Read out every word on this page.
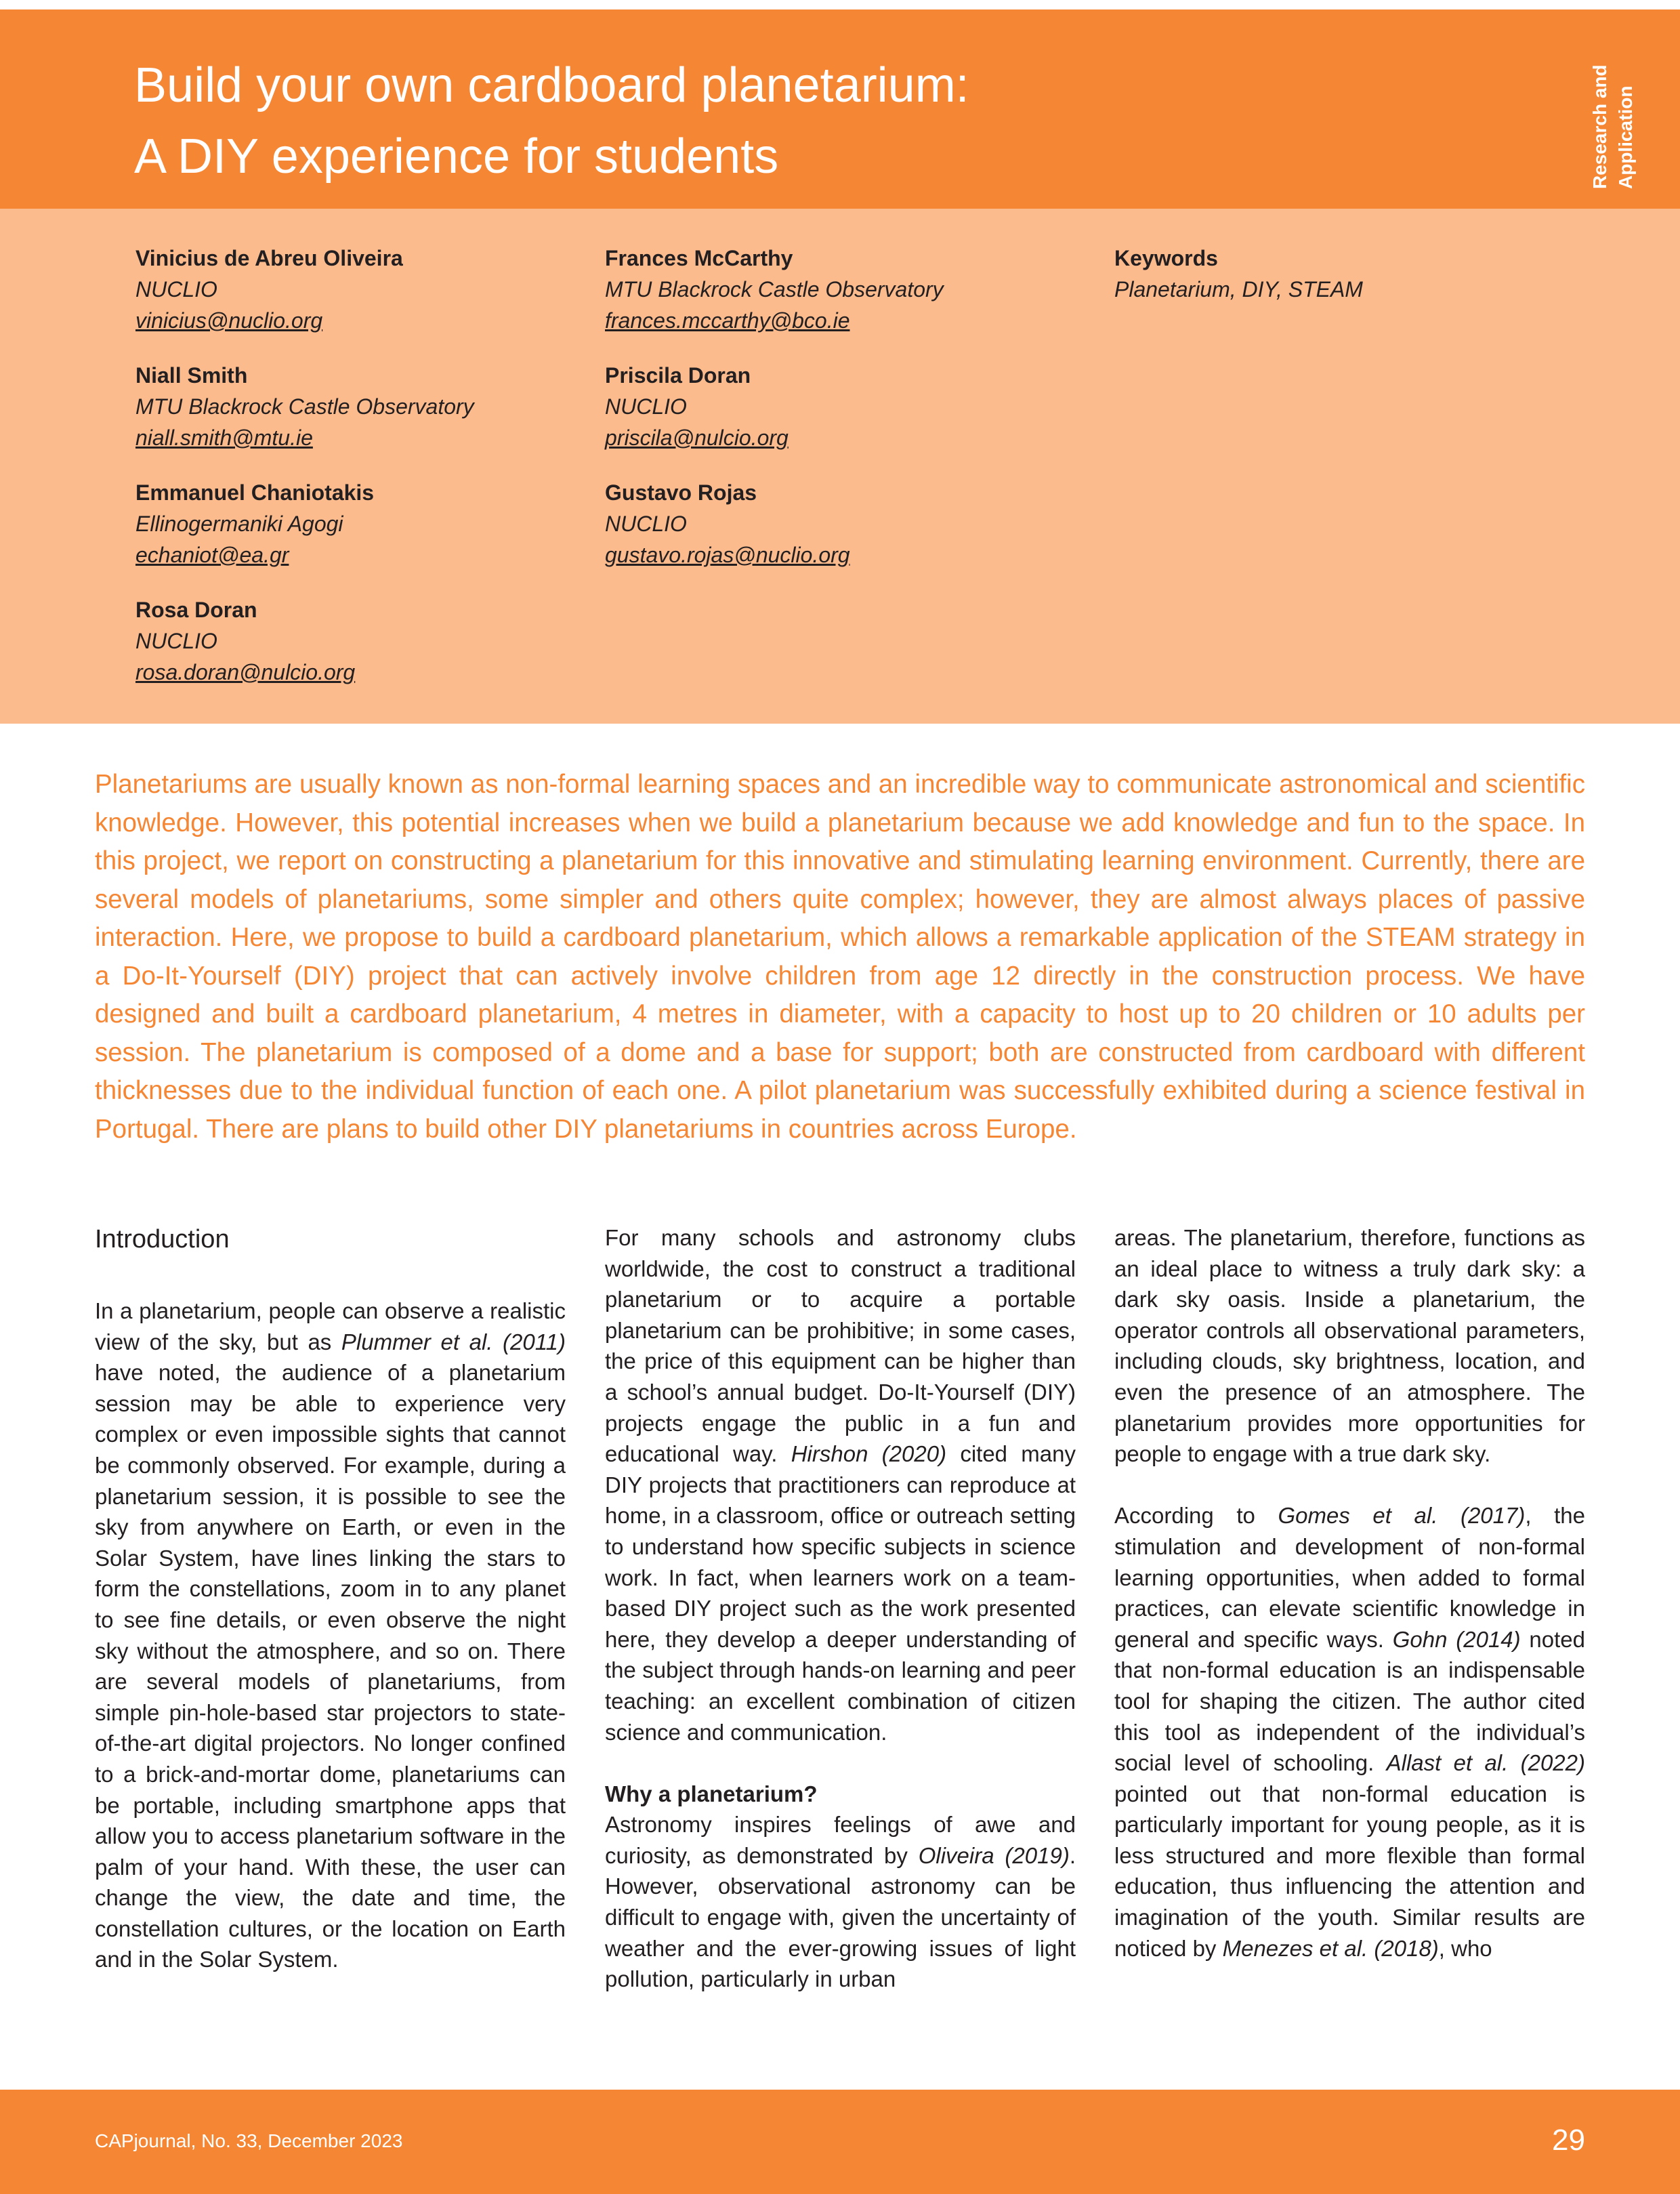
Build your own cardboard planetarium:
A DIY experience for students	Research and Application
Vinicius de Abreu Oliveira
NUCLIO
vinicius@nuclio.org
Niall Smith
MTU Blackrock Castle Observatory
niall.smith@mtu.ie
Emmanuel Chaniotakis
Ellinogermaniki Agogi
echaniot@ea.gr
Rosa Doran
NUCLIO
rosa.doran@nulcio.org
Frances McCarthy
MTU Blackrock Castle Observatory
frances.mccarthy@bco.ie
Priscila Doran
NUCLIO
priscila@nulcio.org
Gustavo Rojas
NUCLIO
gustavo.rojas@nuclio.org
Keywords
Planetarium, DIY, STEAM

Planetariums are usually known as non-formal learning spaces and an incredible way to communicate astronomical and scientific knowledge. However, this potential increases when we build a planetarium because we add knowledge and fun to the space. In this project, we report on constructing a planetarium for this innovative and stimulating learning environment. Currently, there are several models of planetariums, some simpler and others quite complex; however, they are almost always places of passive interaction. Here, we propose to build a cardboard planetarium, which allows a remarkable application of the STEAM strategy in a Do-It-Yourself (DIY) project that can actively involve children from age 12 directly in the construction process. We have designed and built a cardboard planetarium, 4 metres in diameter, with a capacity to host up to 20 children or 10 adults per session. The planetarium is composed of a dome and a base for support; both are constructed from cardboard with different thicknesses due to the individual function of each one. A pilot planetarium was successfully exhibited during a science festival in Portugal. There are plans to build other DIY planetariums in countries across Europe.

Introduction

In a planetarium, people can observe a realistic view of the sky, but as Plummer et al. (2011) have noted, the audience of a planetarium session may be able to experience very complex or even impossible sights that cannot be commonly observed. For example, during a planetarium session, it is possible to see the sky from anywhere on Earth, or even in the Solar System, have lines linking the stars to form the constellations, zoom in to any planet to see fine details, or even observe the night sky without the atmosphere, and so on. There are several models of planetariums, from simple pin-hole-based star projectors to state-of-the-art digital projectors. No longer confined to a brick-and-mortar dome, planetariums can be portable, including smartphone apps that allow you to access planetarium software in the palm of your hand. With these, the user can change the view, the date and time, the constellation cultures, or the location on Earth and in the Solar System.

For many schools and astronomy clubs worldwide, the cost to construct a traditional planetarium or to acquire a portable planetarium can be prohibitive; in some cases, the price of this equipment can be higher than a school’s annual budget. Do-It-Yourself (DIY) projects engage the public in a fun and educational way. Hirshon (2020) cited many DIY projects that practitioners can reproduce at home, in a classroom, office or outreach setting to understand how specific subjects in science work. In fact, when learners work on a team-based DIY project such as the work presented here, they develop a deeper understanding of the subject through hands-on learning and peer teaching: an excellent combination of citizen science and communication.

Why a planetarium?

Astronomy inspires feelings of awe and curiosity, as demonstrated by Oliveira (2019). However, observational astronomy can be difficult to engage with, given the uncertainty of weather and the ever-growing issues of light pollution, particularly in urban

areas. The planetarium, therefore, functions as an ideal place to witness a truly dark sky: a dark sky oasis. Inside a planetarium, the operator controls all observational parameters, including clouds, sky brightness, location, and even the presence of an atmosphere. The planetarium provides more opportunities for people to engage with a true dark sky.

According to Gomes et al. (2017), the stimulation and development of non-formal learning opportunities, when added to formal practices, can elevate scientific knowledge in general and specific ways. Gohn (2014) noted that non-formal education is an indispensable tool for shaping the citizen. The author cited this tool as independent of the individual’s social level of schooling. Allast et al. (2022) pointed out that non-formal education is particularly important for young people, as it is less structured and more flexible than formal education, thus influencing the attention and imagination of the youth. Similar results are noticed by Menezes et al. (2018), who

CAPjournal, No. 33, December 2023	29
